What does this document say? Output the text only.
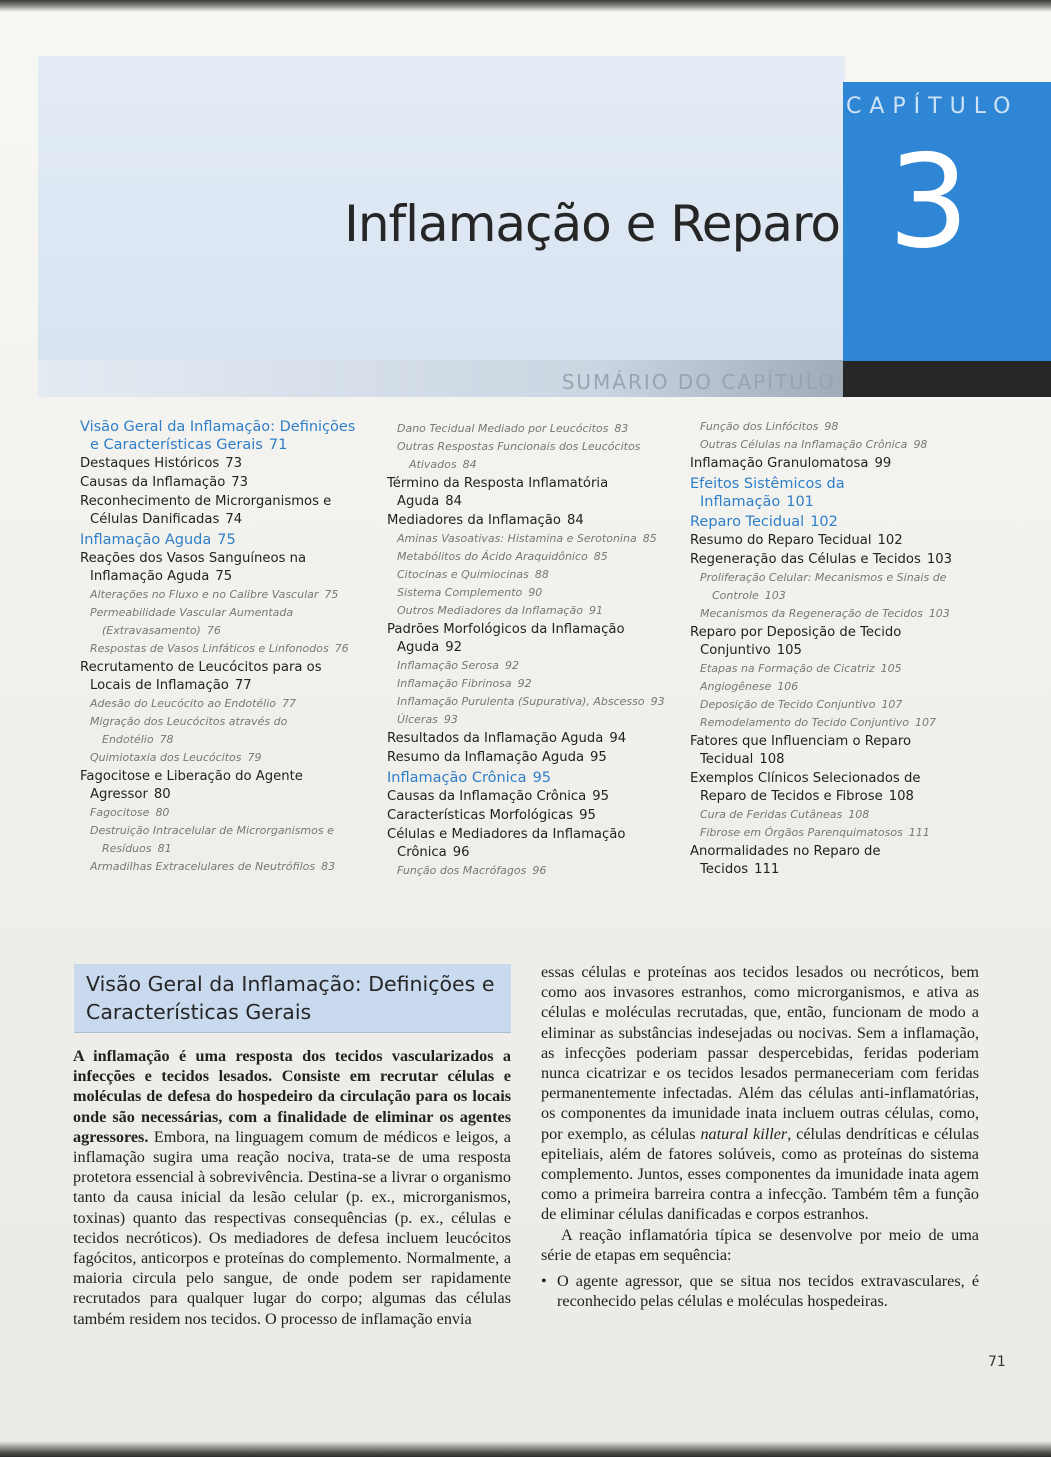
CAPÍTULO
3
Inflamação e Reparo
SUMÁRIO DO CAPÍTULO

Visão Geral da Inflamação: Definições e Características Gerais 71

Destaques Históricos 73

Causas da Inflamação 73

Reconhecimento de Microrganismos e Células Danificadas 74

Inflamação Aguda 75

Reações dos Vasos Sanguíneos na Inflamação Aguda 75

Alterações no Fluxo e no Calibre Vascular 75

Permeabilidade Vascular Aumentada (Extravasamento) 76

Respostas de Vasos Linfáticos e Linfonodos 76

Recrutamento de Leucócitos para os Locais de Inflamação 77

Adesão do Leucócito ao Endotélio 77

Migração dos Leucócitos através do Endotélio 78

Quimiotaxia dos Leucócitos 79

Fagocitose e Liberação do Agente Agressor 80

Fagocitose 80

Destruição Intracelular de Microrganismos e Resíduos 81

Armadilhas Extracelulares de Neutrófilos 83

Dano Tecidual Mediado por Leucócitos 83

Outras Respostas Funcionais dos Leucócitos Ativados 84

Término da Resposta Inflamatória Aguda 84

Mediadores da Inflamação 84

Aminas Vasoativas: Histamina e Serotonina 85

Metabólitos do Ácido Araquidônico 85

Citocinas e Quimiocinas 88

Sistema Complemento 90

Outros Mediadores da Inflamação 91

Padrões Morfológicos da Inflamação Aguda 92

Inflamação Serosa 92

Inflamação Fibrinosa 92

Inflamação Purulenta (Supurativa), Abscesso 93

Úlceras 93

Resultados da Inflamação Aguda 94

Resumo da Inflamação Aguda 95

Inflamação Crônica 95

Causas da Inflamação Crônica 95

Características Morfológicas 95

Células e Mediadores da Inflamação Crônica 96

Função dos Macrófagos 96

Função dos Linfócitos 98

Outras Células na Inflamação Crônica 98

Inflamação Granulomatosa 99

Efeitos Sistêmicos da Inflamação 101

Reparo Tecidual 102

Resumo do Reparo Tecidual 102

Regeneração das Células e Tecidos 103

Proliferação Celular: Mecanismos e Sinais de Controle 103

Mecanismos da Regeneração de Tecidos 103

Reparo por Deposição de Tecido Conjuntivo 105

Etapas na Formação de Cicatriz 105

Angiogênese 106

Deposição de Tecido Conjuntivo 107

Remodelamento do Tecido Conjuntivo 107

Fatores que Influenciam o Reparo Tecidual 108

Exemplos Clínicos Selecionados de Reparo de Tecidos e Fibrose 108

Cura de Feridas Cutâneas 108

Fibrose em Órgãos Parenquimatosos 111

Anormalidades no Reparo de Tecidos 111

Visão Geral da Inflamação: Definições e Características Gerais

A inflamação é uma resposta dos tecidos vascularizados a infecções e tecidos lesados. Consiste em recrutar células e moléculas de defesa do hospedeiro da circulação para os locais onde são necessárias, com a finalidade de eliminar os agentes agressores. Embora, na linguagem comum de médicos e leigos, a inflamação sugira uma reação nociva, trata-se de uma resposta protetora essencial à sobrevivência. Destina-se a livrar o organismo tanto da causa inicial da lesão celular (p. ex., microrganismos, toxinas) quanto das respectivas consequências (p. ex., células e tecidos necróticos). Os mediadores de defesa incluem leucócitos fagócitos, anticorpos e proteínas do complemento. Normalmente, a maioria circula pelo sangue, de onde podem ser rapidamente recrutados para qualquer lugar do corpo; algumas das células também residem nos tecidos. O processo de inflamação envia

essas células e proteínas aos tecidos lesados ou necróticos, bem como aos invasores estranhos, como microrganismos, e ativa as células e moléculas recrutadas, que, então, funcionam de modo a eliminar as substâncias indesejadas ou nocivas. Sem a inflamação, as infecções poderiam passar despercebidas, feridas poderiam nunca cicatrizar e os tecidos lesados permaneceriam com feridas permanentemente infectadas. Além das células anti-inflamatórias, os componentes da imunidade inata incluem outras células, como, por exemplo, as células natural killer, células dendríticas e células epiteliais, além de fatores solúveis, como as proteínas do sistema complemento. Juntos, esses componentes da imunidade inata agem como a primeira barreira contra a infecção. Também têm a função de eliminar células danificadas e corpos estranhos.

A reação inflamatória típica se desenvolve por meio de uma série de etapas em sequência:

• O agente agressor, que se situa nos tecidos extravasculares, é reconhecido pelas células e moléculas hospedeiras.

71
